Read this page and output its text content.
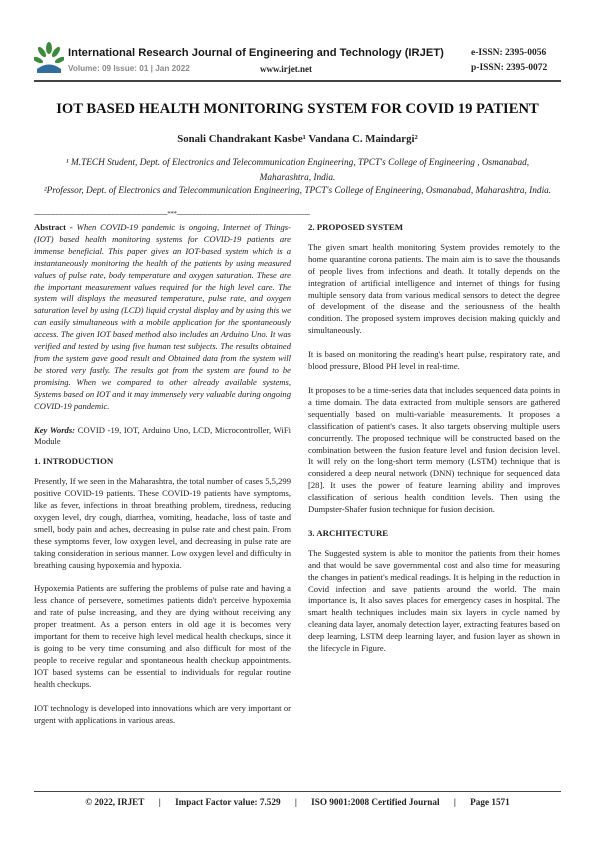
International Research Journal of Engineering and Technology (IRJET)	e-ISSN: 2395-0056
Volume: 09 Issue: 01 | Jan 2022	www.irjet.net	p-ISSN: 2395-0072
IOT BASED HEALTH MONITORING SYSTEM FOR COVID 19 PATIENT
Sonali Chandrakant Kasbe¹ Vandana C. Maindargi²
¹ M.TECH Student, Dept. of Electronics and Telecommunication Engineering, TPCT's College of Engineering , Osmanabad, Maharashtra, India.
²Professor, Dept. of Electronics and Telecommunication Engineering, TPCT's College of Engineering, Osmanabad, Maharashtra, India.
---------------------------------------------------------------------***---------------------------------------------------------------------

Abstract - When COVID-19 pandemic is ongoing, Internet of Things- (IOT) based health monitoring systems for COVID-19 patients are immense beneficial. This paper gives an IOT-based system which is a instantaneously monitoring the health of the patients by using measured values of pulse rate, body temperature and oxygen saturation. These are the important measurement values required for the high level care. The system will displays the measured temperature, pulse rate, and oxygen saturation level by using (LCD) liquid crystal display and by using this we can easily simultaneous with a mobile application for the spontaneously access. The given IOT based method also includes an Arduino Uno. It was verified and tested by using five human test subjects. The results obtained from the system gave good result and Obtained data from the system will be stored very fastly. The results got from the system are found to be promising. When we compared to other already available systems, Systems based on IOT and it may immensely very valuable during ongoing COVID-19 pandemic.

Key Words: COVID -19, IOT, Arduino Uno, LCD, Microcontroller, WiFi Module

1. INTRODUCTION

Presently, If we seen in the Maharashtra, the total number of cases 5,5,299 positive COVID-19 patients. These COVID-19 patients have symptoms, like as fever, infections in throat breathing problem, tiredness, reducing oxygen level, dry cough, diarrhea, vomiting, headache, loss of taste and smell, body pain and aches, decreasing in pulse rate and chest pain. From these symptoms fever, low oxygen level, and decreasing in pulse rate are taking consideration in serious manner. Low oxygen level and difficulty in breathing causing hypoxemia and hypoxia.

Hypoxemia Patients are suffering the problems of pulse rate and having a less chance of persevere, sometimes patients didn't perceive hypoxemia and rate of pulse increasing, and they are dying without receiving any proper treatment. As a person enters in old age it is becomes very important for them to receive high level medical health checkups, since it is going to be very time consuming and also difficult for most of the people to receive regular and spontaneous health checkup appointments. IOT based systems can be essential to individuals for regular routine health checkups.

IOT technology is developed into innovations which are very important or urgent with applications in various areas.

2. PROPOSED SYSTEM

The given smart health monitoring System provides remotely to the home quarantine corona patients. The main aim is to save the thousands of people lives from infections and death. It totally depends on the integration of artificial intelligence and internet of things for fusing multiple sensory data from various medical sensors to detect the degree of development of the disease and the seriousness of the health condition. The proposed system improves decision making quickly and simultaneously.

It is based on monitoring the reading's heart pulse, respiratory rate, and blood pressure, Blood PH level in real-time.

It proposes to be a time-series data that includes sequenced data points in a time domain. The data extracted from multiple sensors are gathered sequentially based on multi-variable measurements. It proposes a classification of patient's cases. It also targets observing multiple users concurrently. The proposed technique will be constructed based on the combination between the fusion feature level and fusion decision level. It will rely on the long-short term memory (LSTM) technique that is considered a deep neural network (DNN) technique for sequenced data [28]. It uses the power of feature learning ability and improves classification of serious health condition levels. Then using the Dumpster-Shafer fusion technique for fusion decision.

3. ARCHITECTURE

The Suggested system is able to monitor the patients from their homes and that would be save governmental cost and also time for measuring the changes in patient's medical readings. It is helping in the reduction in Covid infection and save patients around the world. The main importance is, It also saves places for emergency cases in hospital. The smart health techniques includes main six layers in cycle named by cleaning data layer, anomaly detection layer, extracting features based on deep learning, LSTM deep learning layer, and fusion layer as shown in the lifecycle in Figure.

© 2022, IRJET | Impact Factor value: 7.529 | ISO 9001:2008 Certified Journal | Page 1571
